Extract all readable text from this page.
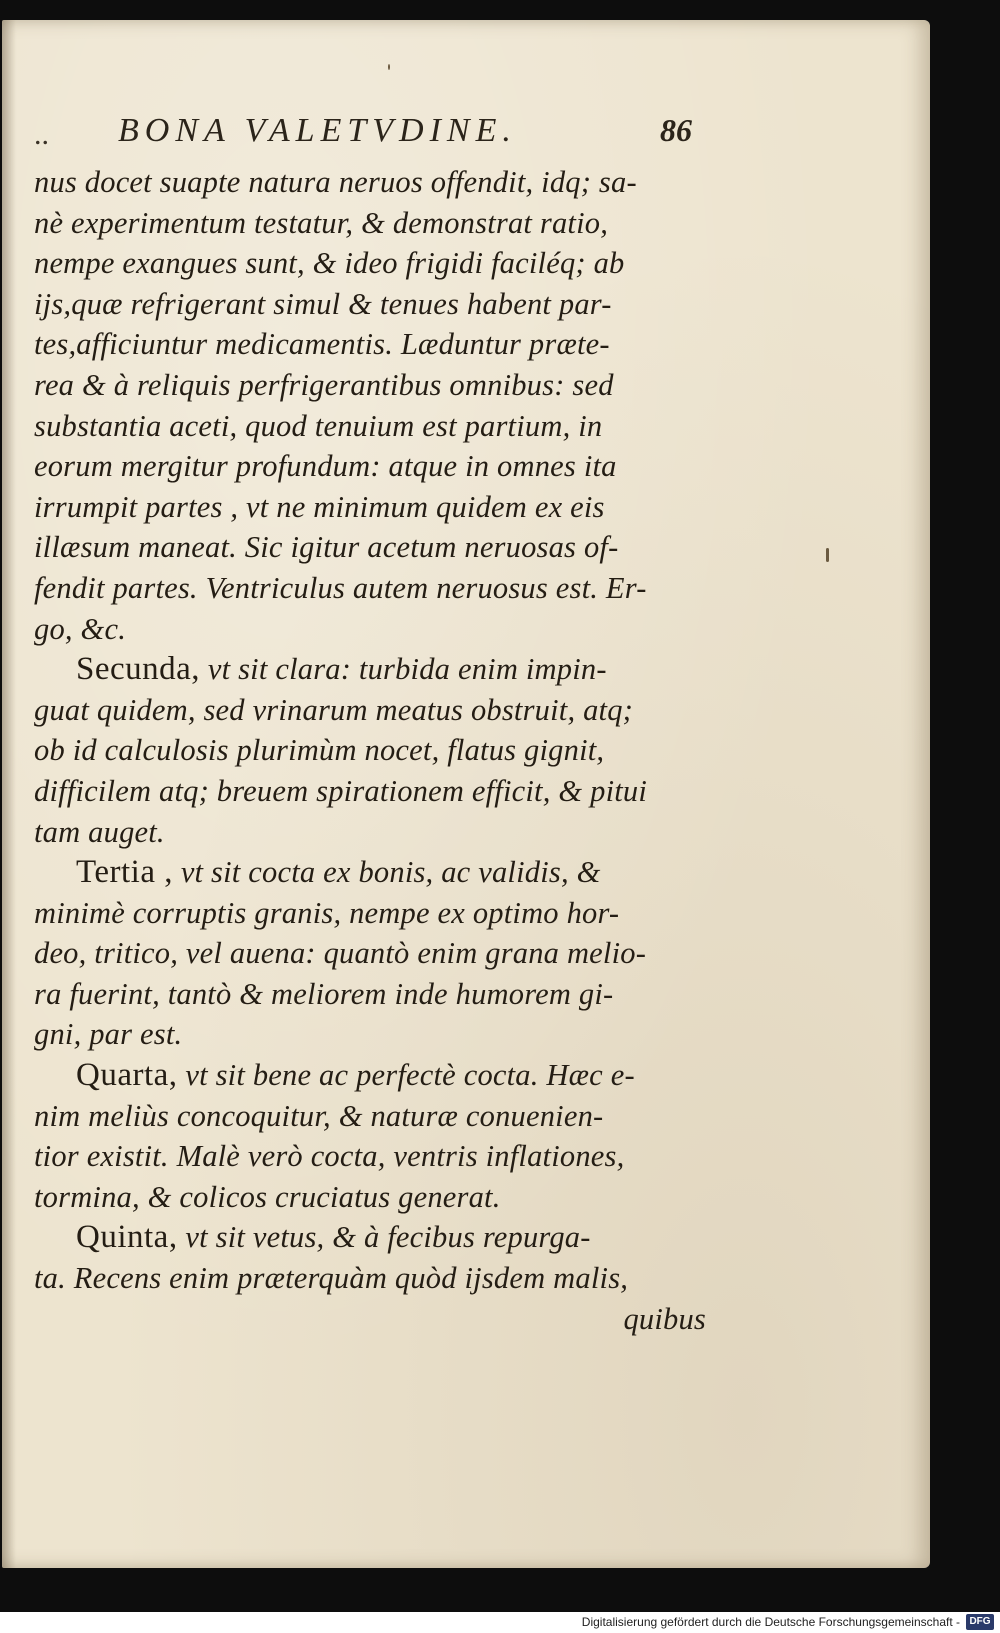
.. BONA VALETVDINE.	86
nus docet suapte natura neruos offendit, idq; sa-
nè experimentum testatur, & demonstrat ratio,
nempe exangues sunt, & ideo frigidi faciléq; ab
ijs,quæ refrigerant simul & tenues habent par-
tes,afficiuntur medicamentis. Læduntur præte-
rea & à reliquis perfrigerantibus omnibus: sed
substantia aceti, quod tenuium est partium, in
eorum mergitur profundum: atque in omnes ita
irrumpit partes , vt ne minimum quidem ex eis
illæsum maneat. Sic igitur acetum neruosas of-
fendit partes. Ventriculus autem neruosus est. Er-
go, &c.
Secunda, vt sit clara: turbida enim impin-
guat quidem, sed vrinarum meatus obstruit, atq;
ob id calculosis plurimùm nocet, flatus gignit,
difficilem atq; breuem spirationem efficit, & pitui
tam auget.
Tertia , vt sit cocta ex bonis, ac validis, &
minimè corruptis granis, nempe ex optimo hor-
deo, tritico, vel auena: quantò enim grana melio-
ra fuerint, tantò & meliorem inde humorem gi-
gni, par est.
Quarta, vt sit bene ac perfectè cocta. Hæc e-
nim meliùs concoquitur, & naturæ conuenien-
tior existit. Malè verò cocta, ventris inflationes,
tormina, & colicos cruciatus generat.
Quinta, vt sit vetus, & à fecibus repurga-
ta. Recens enim præterquàm quòd ijsdem malis,
quibus
Digitalisierung gefördert durch die Deutsche Forschungsgemeinschaft - DFG
